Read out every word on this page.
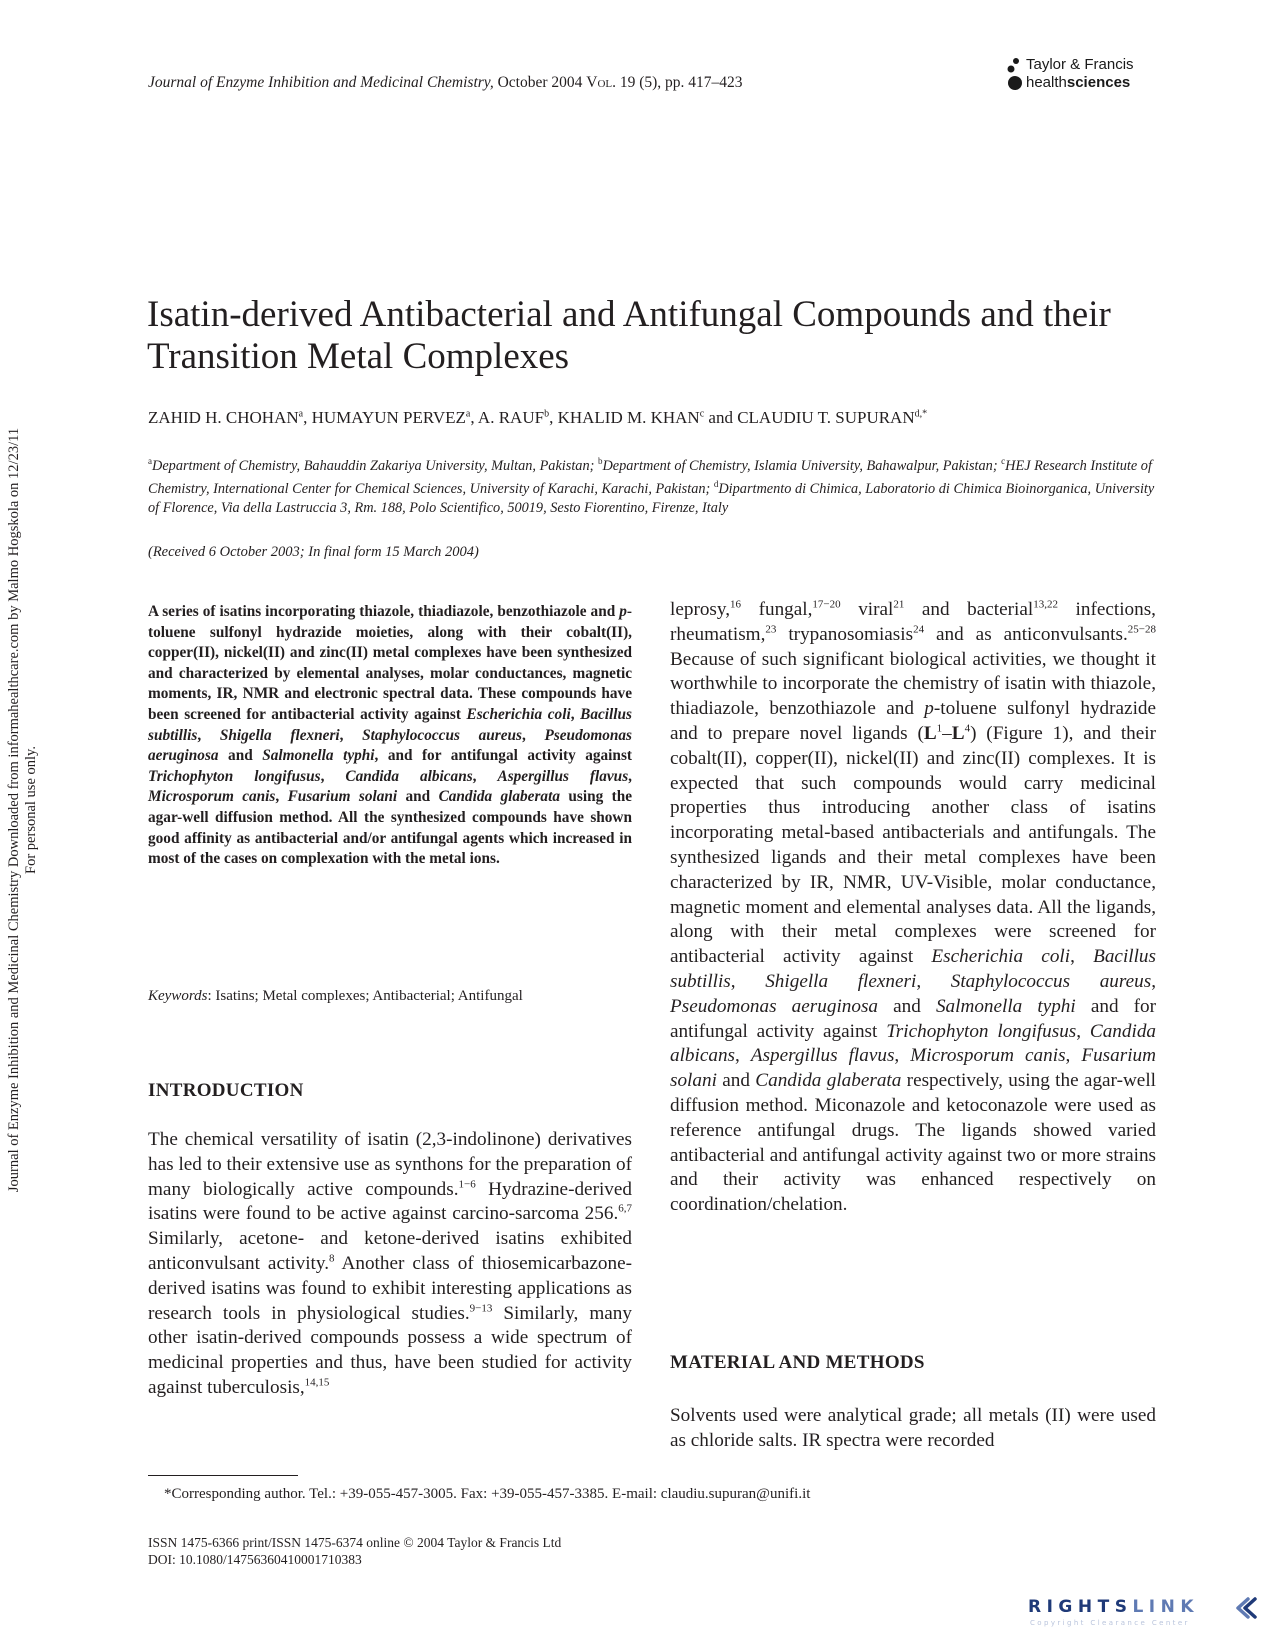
Journal of Enzyme Inhibition and Medicinal Chemistry, October 2004 Vol. 19 (5), pp. 417–423
Taylor & Francis
healthsciences
Journal of Enzyme Inhibition and Medicinal Chemistry Downloaded from informahealthcare.com by Malmo Hogskola on 12/23/11 For personal use only.
Isatin-derived Antibacterial and Antifungal Compounds and their Transition Metal Complexes
ZAHID H. CHOHAN$^a$, HUMAYUN PERVEZ$^a$, A. RAUF$^b$, KHALID M. KHAN$^c$ and CLAUDIU T. $SUPURAN^{d,*}$
$^a$Department of Chemistry, Bahauddin Zakariya University, Multan, Pakistan; $^b$Department of Chemistry, Islamia University, Bahawalpur, Pakistan; $^c$HEJ Research Institute of Chemistry, International Center for Chemical Sciences, University of Karachi, Karachi, Pakistan; $^d$Dipartmento di Chimica, Laboratorio di Chimica Bioinorganica, University of Florence, Via della Lastruccia 3, Rm. 188, Polo Scientifico, 50019, Sesto Fiorentino, Firenze, Italy
(Received 6 October 2003; In final form 15 March 2004)
A series of isatins incorporating thiazole, thiadiazole, benzothiazole and p-toluene sulfonyl hydrazide moieties, along with their cobalt(II), copper(II), nickel(II) and zinc(II) metal complexes have been synthesized and characterized by elemental analyses, molar conductances, magnetic moments, IR, NMR and electronic spectral data. These compounds have been screened for antibacterial activity against Escherichia coli, Bacillus subtillis, Shigella flexneri, Staphylococcus aureus, Pseudomonas aeruginosa and Salmonella typhi, and for antifungal activity against Trichophyton longifusus, Candida albicans, Aspergillus flavus, Microsporum canis, Fusarium solani and Candida glaberata using the agar-well diffusion method. All the synthesized compounds have shown good affinity as antibacterial and/or antifungal agents which increased in most of the cases on complexation with the metal ions.
Keywords: Isatins; Metal complexes; Antibacterial; Antifungal
INTRODUCTION
The chemical versatility of isatin (2,3-indolinone) derivatives has led to their extensive use as synthons for the preparation of many biologically active compounds.$^{1-6}$ Hydrazine-derived isatins were found to be active against carcino-sarcoma 256.$^{6,7}$ Similarly, acetone- and ketone-derived isatins exhibited anticonvulsant activity.$^8$ Another class of thiosemicarbazone-derived isatins was found to exhibit interesting applications as research tools in physiological studies.$^{9-13}$ Similarly, many other isatin-derived compounds possess a wide spectrum of medicinal properties and thus, have been studied for activity against tuberculosis,$^{14,15}$
leprosy,$^{16}$ fungal,$^{17-20}$ viral$^{21}$ and bacterial$^{13,22}$ infections, rheumatism,$^{23}$ trypanosomiasis$^{24}$ and as anticonvulsants.$^{25-28}$ Because of such significant biological activities, we thought it worthwhile to incorporate the chemistry of isatin with thiazole, thiadiazole, benzothiazole and p-toluene sulfonyl hydrazide and to prepare novel ligands $(L^1-L^4)$ (Figure 1), and their cobalt(II), copper(II), nickel(II) and zinc(II) complexes. It is expected that such compounds would carry medicinal properties thus introducing another class of isatins incorporating metal-based antibacterials and antifungals. The synthesized ligands and their metal complexes have been characterized by IR, NMR, UV-Visible, molar conductance, magnetic moment and elemental analyses data. All the ligands, along with their metal complexes were screened for antibacterial activity against Escherichia coli, Bacillus subtillis, Shigella flexneri, Staphylococcus aureus, Pseudomonas aeruginosa and Salmonella typhi and for antifungal activity against Trichophyton longifusus, Candida albicans, Aspergillus flavus, Microsporum canis, Fusarium solani and Candida glaberata respectively, using the agar-well diffusion method. Miconazole and ketoconazole were used as reference antifungal drugs. The ligands showed varied antibacterial and antifungal activity against two or more strains and their activity was enhanced respectively on coordination/chelation.
MATERIAL AND METHODS
Solvents used were analytical grade; all metals (II) were used as chloride salts. IR spectra were recorded
*Corresponding author. Tel.: +39-055-457-3005. Fax: +39-055-457-3385. E-mail: claudiu.supuran@unifi.it
ISSN 1475-6366 print/ISSN 1475-6374 online © 2004 Taylor & Francis Ltd
DOI: 10.1080/14756360410001710383
RIGHTSLINK
Copyright Clearance Center
